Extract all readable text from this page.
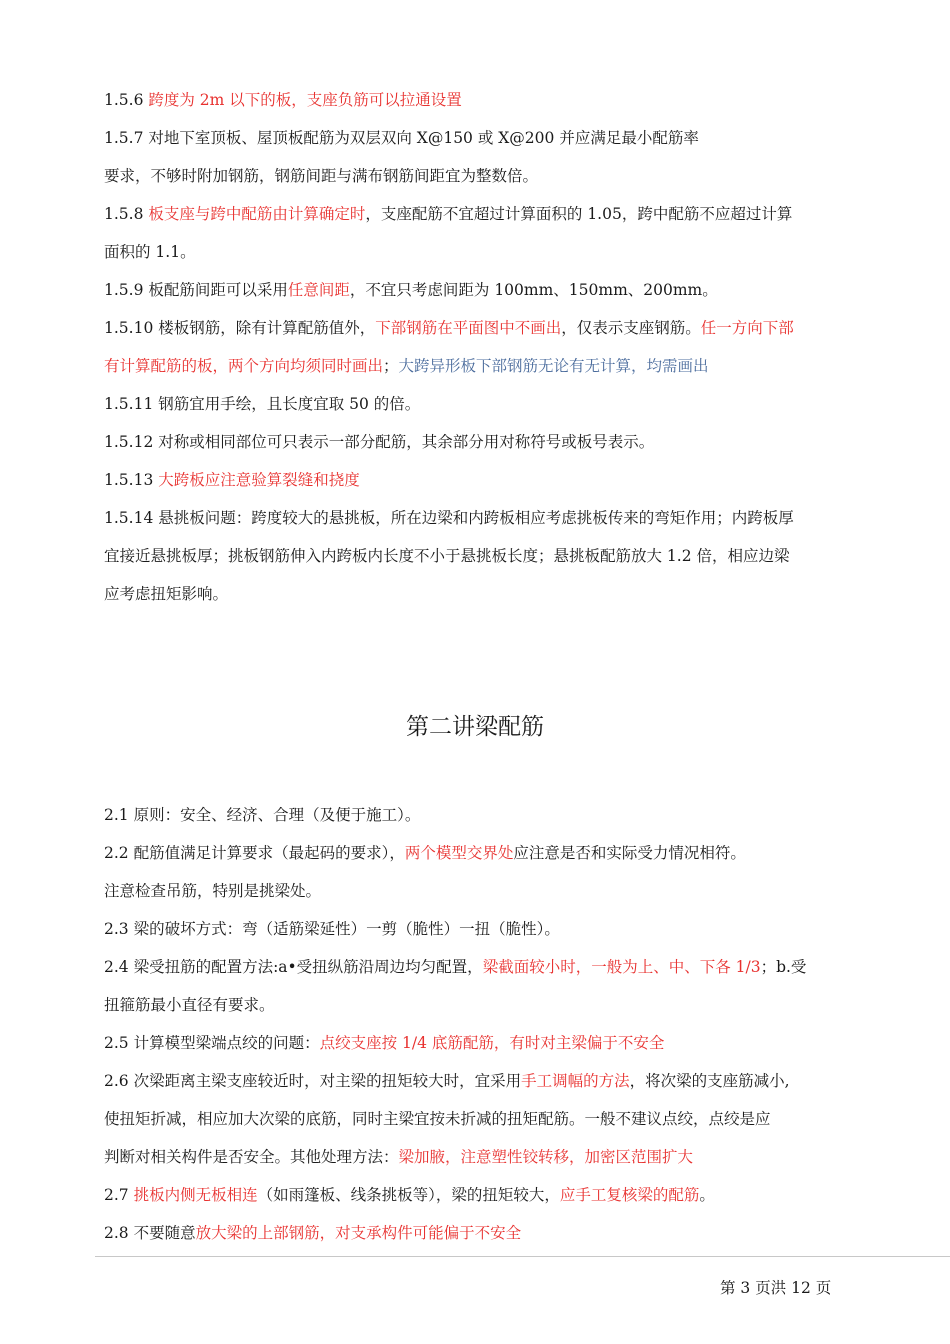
1.5.6 跨度为 2m 以下的板，支座负筋可以拉通设置
1.5.7 对地下室顶板、屋顶板配筋为双层双向 X@150 或 X@200 并应满足最小配筋率
要求，不够时附加钢筋，钢筋间距与满布钢筋间距宜为整数倍。
1.5.8 板支座与跨中配筋由计算确定时，支座配筋不宜超过计算面积的 1.05，跨中配筋不应超过计算
面积的 1.1。
1.5.9 板配筋间距可以采用任意间距，不宜只考虑间距为 100mm、150mm、200mm。
1.5.10 楼板钢筋，除有计算配筋值外，下部钢筋在平面图中不画出，仅表示支座钢筋。任一方向下部
有计算配筋的板，两个方向均须同时画出；大跨异形板下部钢筋无论有无计算，均需画出
1.5.11 钢筋宜用手绘，且长度宜取 50 的倍。
1.5.12 对称或相同部位可只表示一部分配筋，其余部分用对称符号或板号表示。
1.5.13 大跨板应注意验算裂缝和挠度
1.5.14 悬挑板问题：跨度较大的悬挑板，所在边梁和内跨板相应考虑挑板传来的弯矩作用；内跨板厚
宜接近悬挑板厚；挑板钢筋伸入内跨板内长度不小于悬挑板长度；悬挑板配筋放大 1.2 倍，相应边梁
应考虑扭矩影响。
第二讲梁配筋
2.1 原则：安全、经济、合理（及便于施工）。
2.2 配筋值满足计算要求（最起码的要求），两个模型交界处应注意是否和实际受力情况相符。
注意检查吊筋，特别是挑梁处。
2.3 梁的破坏方式：弯（适筋梁延性）一剪（脆性）一扭（脆性）。
2.4 梁受扭筋的配置方法:a•受扭纵筋沿周边均匀配置，梁截面较小时，一般为上、中、下各 1/3；b.受
扭箍筋最小直径有要求。
2.5 计算模型梁端点绞的问题：点绞支座按 1/4 底筋配筋，有时对主梁偏于不安全
2.6 次梁距离主梁支座较近时，对主梁的扭矩较大时，宜采用手工调幅的方法，将次梁的支座筋减小,
使扭矩折减，相应加大次梁的底筋，同时主梁宜按未折减的扭矩配筋。一般不建议点绞，点绞是应
判断对相关构件是否安全。其他处理方法：梁加腋，注意塑性铰转移，加密区范围扩大
2.7 挑板内侧无板相连（如雨篷板、线条挑板等），梁的扭矩较大，应手工复核梁的配筋。
2.8 不要随意放大梁的上部钢筋，对支承构件可能偏于不安全
第 3 页洪 12 页
